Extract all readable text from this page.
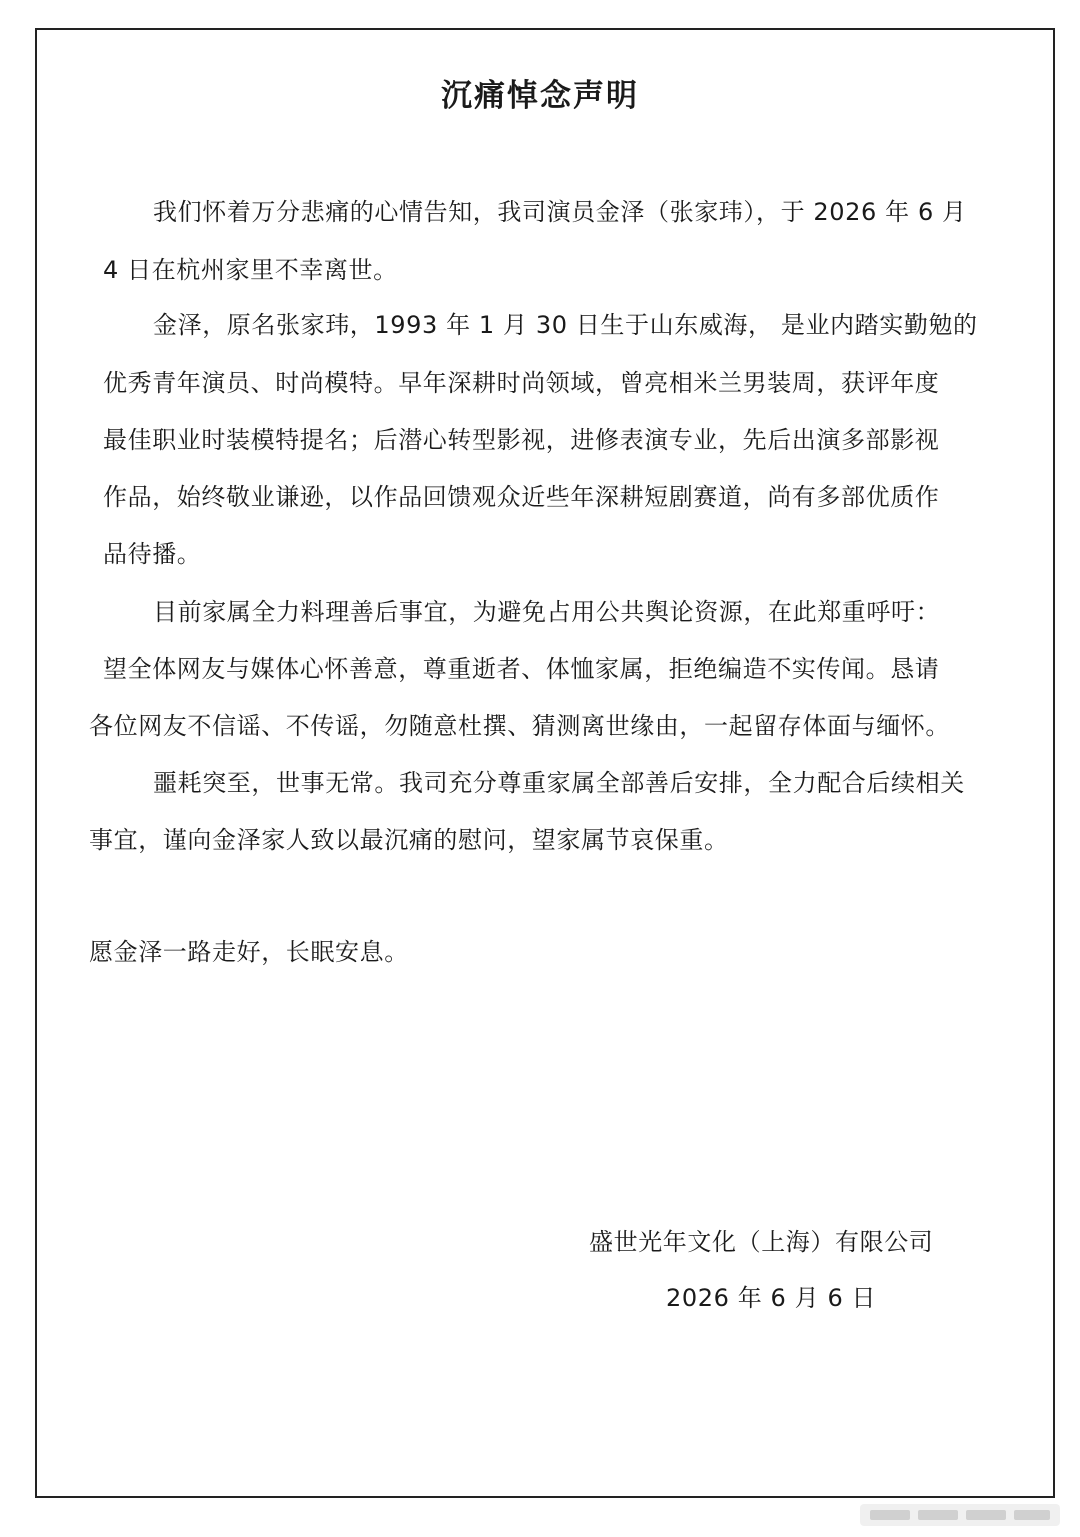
沉痛悼念声明
我们怀着万分悲痛的心情告知，我司演员金泽（张家玮），于 2026 年 6 月
4 日在杭州家里不幸离世。
金泽，原名张家玮，1993 年 1 月 30 日生于山东威海， 是业内踏实勤勉的
优秀青年演员、时尚模特。早年深耕时尚领域，曾亮相米兰男装周，获评年度
最佳职业时装模特提名；后潜心转型影视，进修表演专业，先后出演多部影视
作品，始终敬业谦逊，以作品回馈观众近些年深耕短剧赛道，尚有多部优质作
品待播。
目前家属全力料理善后事宜，为避免占用公共舆论资源，在此郑重呼吁：
望全体网友与媒体心怀善意，尊重逝者、体恤家属，拒绝编造不实传闻。恳请
各位网友不信谣、不传谣，勿随意杜撰、猜测离世缘由，一起留存体面与缅怀。
噩耗突至，世事无常。我司充分尊重家属全部善后安排，全力配合后续相关
事宜，谨向金泽家人致以最沉痛的慰问，望家属节哀保重。
愿金泽一路走好，长眠安息。
盛世光年文化（上海）有限公司
2026 年 6 月 6 日
